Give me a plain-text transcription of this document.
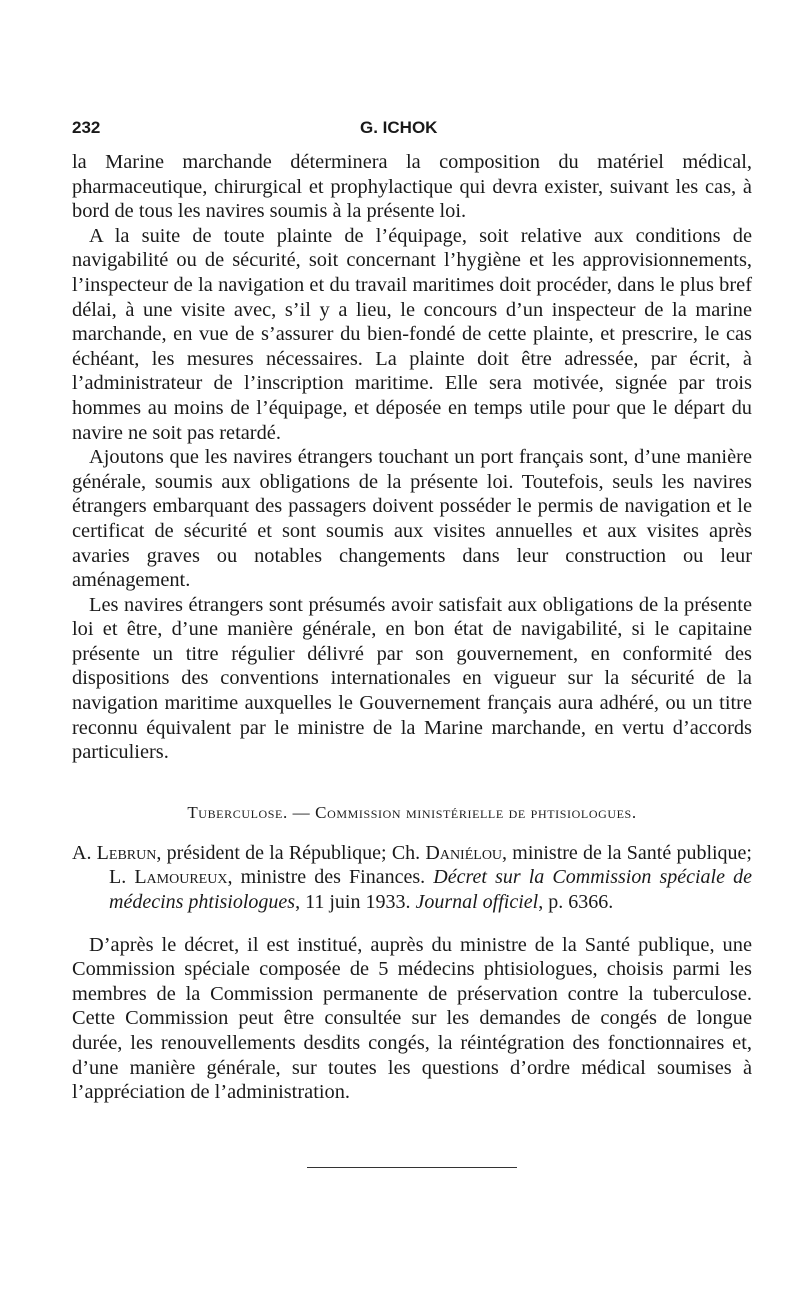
232	G. ICHOK

la Marine marchande déterminera la composition du matériel médical, pharmaceutique, chirurgical et prophylactique qui devra exister, suivant les cas, à bord de tous les navires soumis à la présente loi.

A la suite de toute plainte de l’équipage, soit relative aux conditions de navigabilité ou de sécurité, soit concernant l’hygiène et les approvisionnements, l’inspecteur de la navigation et du travail maritimes doit procéder, dans le plus bref délai, à une visite avec, s’il y a lieu, le concours d’un inspecteur de la marine marchande, en vue de s’assurer du bien-fondé de cette plainte, et prescrire, le cas échéant, les mesures nécessaires. La plainte doit être adressée, par écrit, à l’administrateur de l’inscription maritime. Elle sera motivée, signée par trois hommes au moins de l’équipage, et déposée en temps utile pour que le départ du navire ne soit pas retardé.

Ajoutons que les navires étrangers touchant un port français sont, d’une manière générale, soumis aux obligations de la présente loi. Toutefois, seuls les navires étrangers embarquant des passagers doivent posséder le permis de navigation et le certificat de sécurité et sont soumis aux visites annuelles et aux visites après avaries graves ou notables changements dans leur construction ou leur aménagement.

Les navires étrangers sont présumés avoir satisfait aux obligations de la présente loi et être, d’une manière générale, en bon état de navigabilité, si le capitaine présente un titre régulier délivré par son gouvernement, en conformité des dispositions des conventions internationales en vigueur sur la sécurité de la navigation maritime auxquelles le Gouvernement français aura adhéré, ou un titre reconnu équivalent par le ministre de la Marine marchande, en vertu d’accords particuliers.

Tuberculose. — Commission ministérielle de phtisiologues.
A. Lebrun, président de la République; Ch. Daniélou, ministre de la Santé publique; L. Lamoureux, ministre des Finances. Décret sur la Commission spéciale de médecins phtisiologues, 11 juin 1933. Journal officiel, p. 6366.

D’après le décret, il est institué, auprès du ministre de la Santé publique, une Commission spéciale composée de 5 médecins phtisiologues, choisis parmi les membres de la Commission permanente de préservation contre la tuberculose. Cette Commission peut être consultée sur les demandes de congés de longue durée, les renouvellements desdits congés, la réintégration des fonctionnaires et, d’une manière générale, sur toutes les questions d’ordre médical soumises à l’appréciation de l’administration.
